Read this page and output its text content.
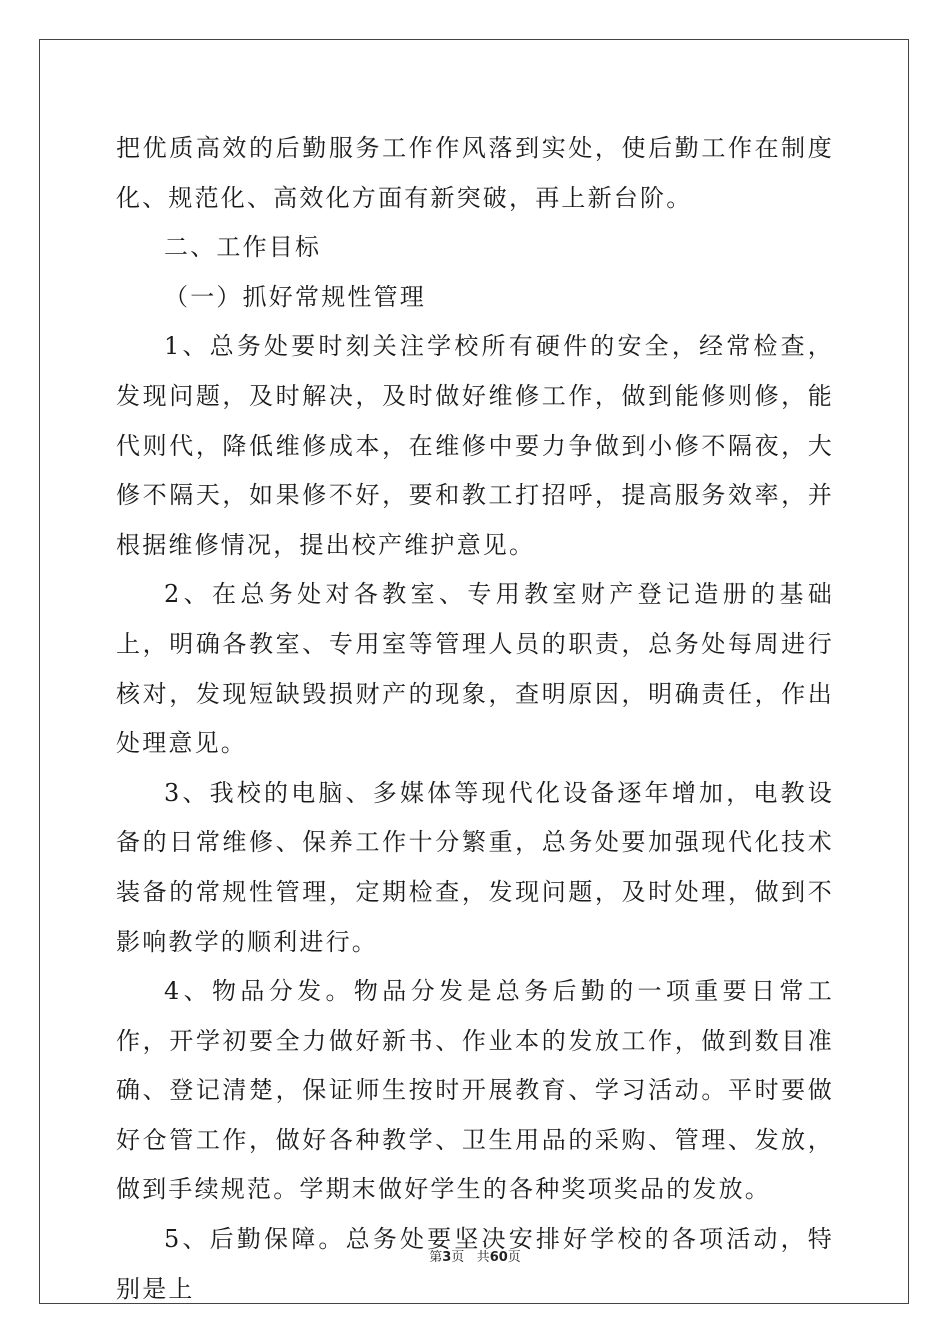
把优质高效的后勤服务工作作风落到实处，使后勤工作在制度化、规范化、高效化方面有新突破，再上新台阶。

二、工作目标

（一）抓好常规性管理

1、总务处要时刻关注学校所有硬件的安全，经常检查，发现问题，及时解决，及时做好维修工作，做到能修则修，能代则代，降低维修成本，在维修中要力争做到小修不隔夜，大修不隔天，如果修不好，要和教工打招呼，提高服务效率，并根据维修情况，提出校产维护意见。

2、在总务处对各教室、专用教室财产登记造册的基础上，明确各教室、专用室等管理人员的职责，总务处每周进行核对，发现短缺毁损财产的现象，查明原因，明确责任，作出处理意见。

3、我校的电脑、多媒体等现代化设备逐年增加，电教设备的日常维修、保养工作十分繁重，总务处要加强现代化技术装备的常规性管理，定期检查，发现问题，及时处理，做到不影响教学的顺利进行。

4、物品分发。物品分发是总务后勤的一项重要日常工作，开学初要全力做好新书、作业本的发放工作，做到数目准确、登记清楚，保证师生按时开展教育、学习活动。平时要做好仓管工作，做好各种教学、卫生用品的采购、管理、发放，做到手续规范。学期末做好学生的各种奖项奖品的发放。

5、后勤保障。总务处要坚决安排好学校的各项活动，特别是上

第3页 共60页
